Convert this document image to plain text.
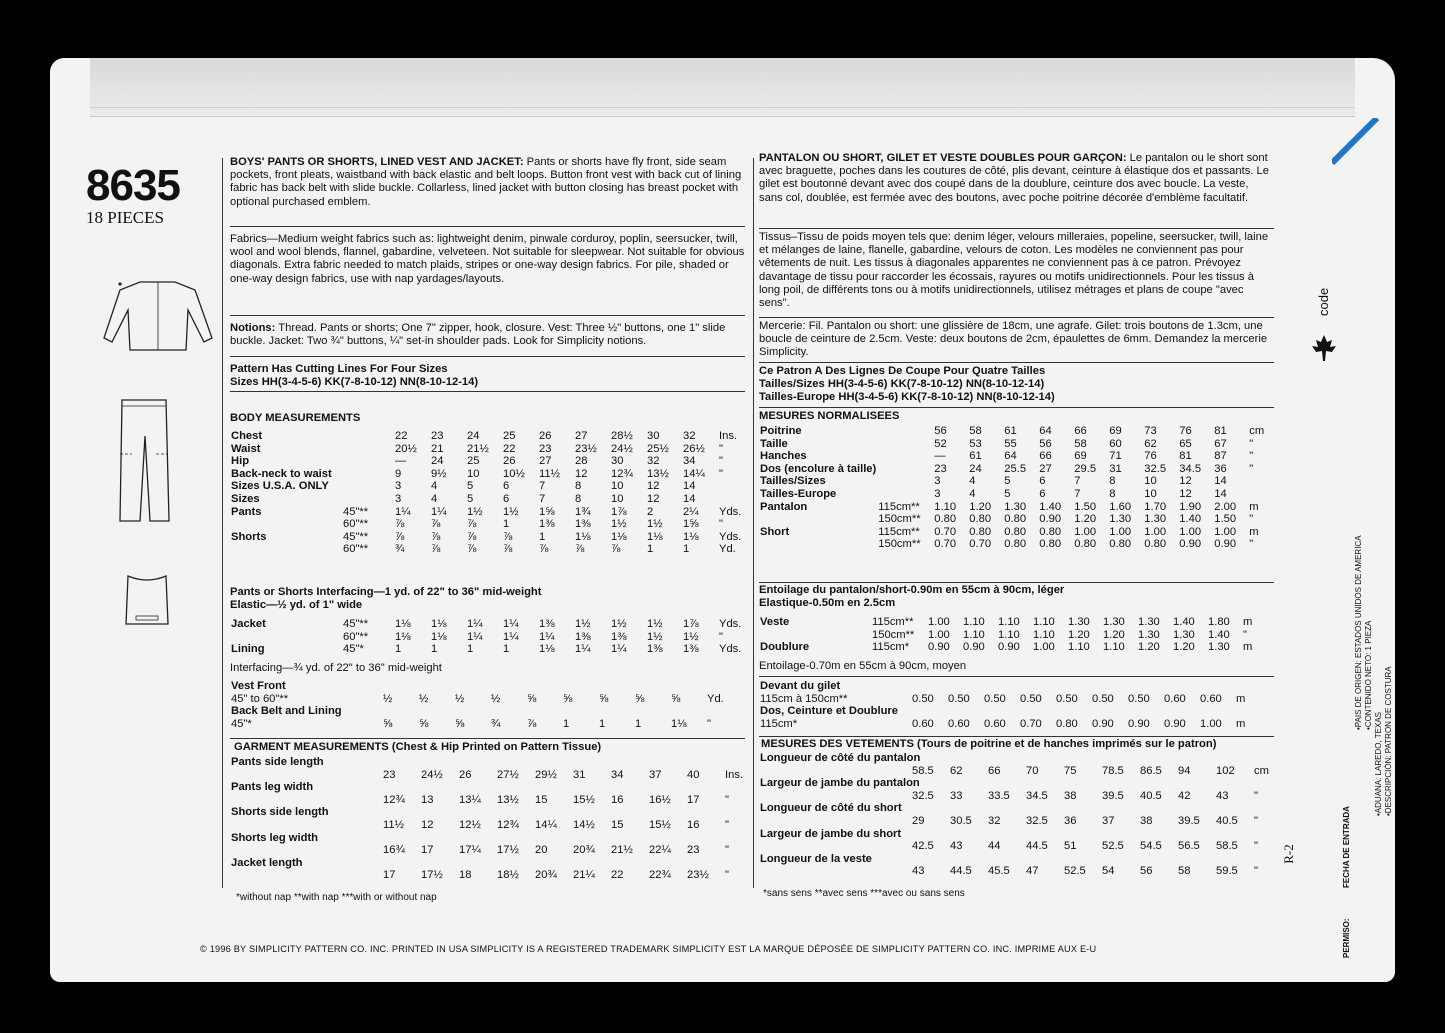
8635
18 PIECES

BOYS' PANTS OR SHORTS, LINED VEST AND JACKET: Pants or shorts have fly front, side seam pockets, front pleats, waistband with back elastic and belt loops. Button front vest with back cut of lining fabric has back belt with slide buckle. Collarless, lined jacket with button closing has breast pocket with optional purchased emblem.

Fabrics—Medium weight fabrics such as: lightweight denim, pinwale corduroy, poplin, seersucker, twill, wool and wool blends, flannel, gabardine, velveteen. Not suitable for sleepwear. Not suitable for obvious diagonals. Extra fabric needed to match plaids, stripes or one-way design fabrics. For pile, shaded or one-way design fabrics, use with nap yardages/layouts.

Notions: Thread. Pants or shorts; One 7" zipper, hook, closure. Vest: Three ½" buttons, one 1" slide buckle. Jacket: Two ¾" buttons, ¼" set-in shoulder pads. Look for Simplicity notions.

Pattern Has Cutting Lines For Four Sizes

Sizes HH(3-4-5-6) KK(7-8-10-12) NN(8-10-12-14)

BODY MEASUREMENTS
Chest		22	23	24	25	26	27	28½	30	32	Ins.
Waist		20½	21	21½	22	23	23½	24½	25½	26½	"
Hip		—	24	25	26	27	28	30	32	34	"
Back-neck to waist		9	9½	10	10½	11½	12	12¾	13½	14¼	"
Sizes U.S.A. ONLY		3	4	5	6	7	8	10	12	14	
Sizes		3	4	5	6	7	8	10	12	14	
Pants	45"**	1¼	1¼	1½	1½	1⅝	1¾	1⅞	2	2¼	Yds.
	60"**	⅞	⅞	⅞	1	1⅜	1⅜	1½	1½	1⅝	"
Shorts	45"**	⅞	⅞	⅞	⅞	1	1⅛	1⅛	1⅛	1⅛	Yds.
	60"**	¾	⅞	⅞	⅞	⅞	⅞	⅞	1	1	Yd.

Pants or Shorts Interfacing—1 yd. of 22" to 36" mid-weight

Elastic—½ yd. of 1" wide

Jacket	45"**	1⅛	1⅛	1¼	1¼	1⅜	1½	1½	1½	1⅞	Yds.
	60"**	1⅛	1⅛	1¼	1¼	1¼	1⅜	1⅜	1½	1½	"
Lining	45"*	1	1	1	1	1⅛	1¼	1¼	1⅜	1⅜	Yds.
Interfacing—¾ yd. of 22" to 36" mid-weight
Vest Front										
45" to 60"**	½	½	½	½	⅝	⅝	⅝	⅝	⅝	Yd.
Back Belt and Lining										
45"*	⅝	⅝	⅝	¾	⅞	1	1	1	1⅛	"
GARMENT MEASUREMENTS (Chest & Hip Printed on Pattern Tissue)
Pants side length										
	23	24½	26	27½	29½	31	34	37	40	Ins.
Pants leg width										
	12¾	13	13¼	13½	15	15½	16	16½	17	"
Shorts side length										
	11½	12	12½	12¾	14¼	14½	15	15½	16	"
Shorts leg width										
	16¾	17	17¼	17½	20	20¾	21½	22¼	23	"
Jacket length										
	17	17½	18	18½	20¾	21¼	22	22¾	23½	"
*without nap **with nap ***with or without nap

PANTALON OU SHORT, GILET ET VESTE DOUBLES POUR GARÇON: Le pantalon ou le short sont avec braguette, poches dans les coutures de côté, plis devant, ceinture à élastique dos et passants. Le gilet est boutonné devant avec dos coupé dans de la doublure, ceinture dos avec boucle. La veste, sans col, doublée, est fermée avec des boutons, avec poche poitrine décorée d'emblème facultatif.

Tissus–Tissu de poids moyen tels que: denim léger, velours milleraies, popeline, seersucker, twill, laine et mélanges de laine, flanelle, gabardine, velours de coton. Les modèles ne conviennent pas pour vêtements de nuit. Les tissus à diagonales apparentes ne conviennent pas à ce patron. Prévoyez davantage de tissu pour raccorder les écossais, rayures ou motifs unidirectionnels. Pour les tissus à long poil, de différents tons ou à motifs unidirectionnels, utilisez métrages et plans de coupe "avec sens".

Mercerie: Fil. Pantalon ou short: une glissière de 18cm, une agrafe. Gilet: trois boutons de 1.3cm, une boucle de ceinture de 2.5cm. Veste: deux boutons de 2cm, épaulettes de 6mm. Demandez la mercerie Simplicity.

Ce Patron A Des Lignes De Coupe Pour Quatre Tailles

Tailles/Sizes HH(3-4-5-6) KK(7-8-10-12) NN(8-10-12-14)

Tailles-Europe HH(3-4-5-6) KK(7-8-10-12) NN(8-10-12-14)

MESURES NORMALISEES
Poitrine		56	58	61	64	66	69	73	76	81	cm
Taille		52	53	55	56	58	60	62	65	67	"
Hanches		—	61	64	66	69	71	76	81	87	"
Dos (encolure à taille)		23	24	25.5	27	29.5	31	32.5	34.5	36	"
Tailles/Sizes		3	4	5	6	7	8	10	12	14	
Tailles-Europe		3	4	5	6	7	8	10	12	14	
Pantalon	115cm**	1.10	1.20	1.30	1.40	1.50	1.60	1.70	1.90	2.00	m
	150cm**	0.80	0.80	0.80	0.90	1.20	1.30	1.30	1.40	1.50	"
Short	115cm**	0.70	0.80	0.80	0.80	1.00	1.00	1.00	1.00	1.00	m
	150cm**	0.70	0.70	0.80	0.80	0.80	0.80	0.80	0.90	0.90	"

Entoilage du pantalon/short-0.90m en 55cm à 90cm, léger

Elastique-0.50m en 2.5cm

Veste	115cm**	1.00	1.10	1.10	1.10	1.30	1.30	1.30	1.40	1.80	m
	150cm**	1.00	1.10	1.10	1.10	1.20	1.20	1.30	1.30	1.40	"
Doublure	115cm*	0.90	0.90	0.90	1.00	1.10	1.10	1.20	1.20	1.30	m
Entoilage-0.70m en 55cm à 90cm, moyen
Devant du gilet										
115cm à 150cm**	0.50	0.50	0.50	0.50	0.50	0.50	0.50	0.60	0.60	m
Dos, Ceinture et Doublure										
115cm*	0.60	0.60	0.60	0.70	0.80	0.90	0.90	0.90	1.00	m
MESURES DES VETEMENTS (Tours de poitrine et de hanches imprimés sur le patron)
Longueur de côté du pantalon										
	58.5	62	66	70	75	78.5	86.5	94	102	cm
Largeur de jambe du pantalon										
	32.5	33	33.5	34.5	38	39.5	40.5	42	43	"
Longueur de côté du short										
	29	30.5	32	32.5	36	37	38	39.5	40.5	"
Largeur de jambe du short										
	42.5	43	44	44.5	51	52.5	54.5	56.5	58.5	"
Longueur de la veste										
	43	44.5	45.5	47	52.5	54	56	58	59.5	"
*sans sens **avec sens ***avec ou sans sens
R-2
© 1996 BY SIMPLICITY PATTERN CO. INC. PRINTED IN USA SIMPLICITY IS A REGISTERED TRADEMARK SIMPLICITY EST LA MARQUE DÉPOSÉE DE SIMPLICITY PATTERN CO. INC. IMPRIME AUX E-U
code
•PAIS DE ORIGEN: ESTADOS UNIDOS DE AMERICA •CONTENIDO NETO: 1 PIEZA
•ADUANA: LAREDO, TEXAS •DESCRIPCIÓN: PATRON DE COSTURA
FECHA DE ENTRADA
PERMISO:
